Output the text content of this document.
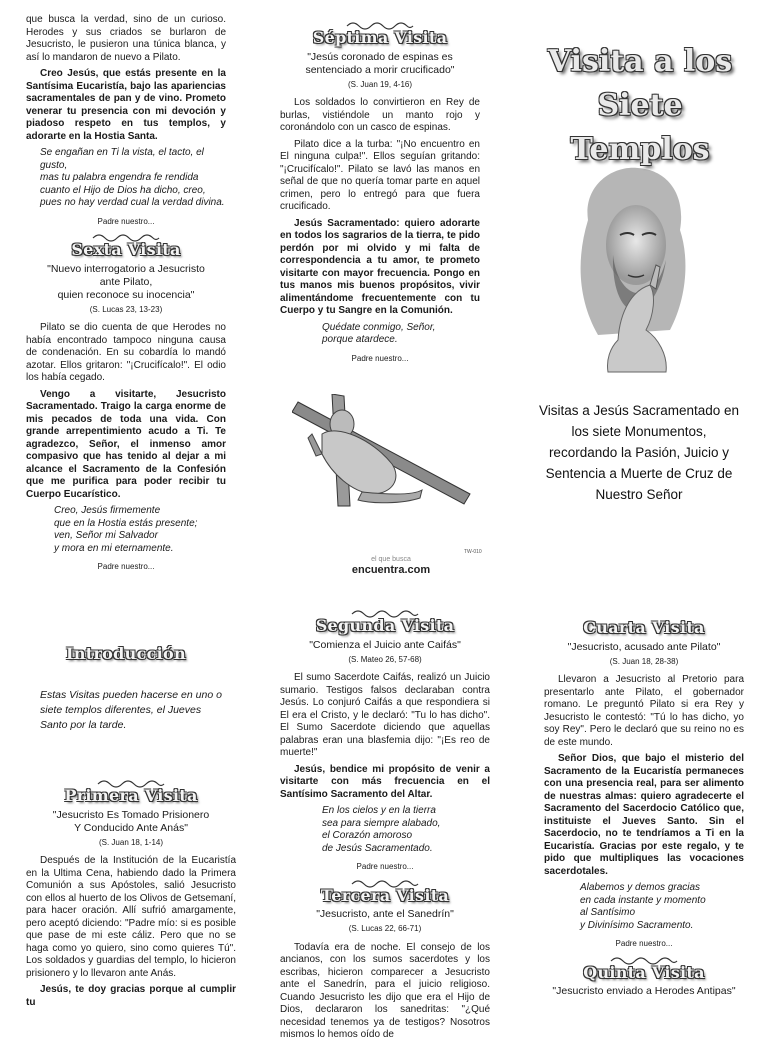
Visita a los
Siete Templos
Visitas a Jesús Sacramentado en los siete Monumentos, recordando la Pasión, Juicio y Sentencia a Muerte de Cruz de Nuestro Señor

que busca la verdad, sino de un curioso. Herodes y sus criados se burlaron de Jesucristo, le pusieron una túnica blanca, y así lo mandaron de nuevo a Pilato.

Creo Jesús, que estás presente en la Santísima Eucaristía, bajo las apariencias sacramentales de pan y de vino. Prometo venerar tu presencia con mi devoción y piadoso respeto en tus templos, y adorarte en la Hostia Santa.

Se engañan en Ti la vista, el tacto, el gusto,
mas tu palabra engendra fe rendida
cuanto el Hijo de Dios ha dicho, creo,
pues no hay verdad cual la verdad divina.
Padre nuestro...
Sexta Visita
"Nuevo interrogatorio a Jesucristo
ante Pilato,
quien reconoce su inocencia"
(S. Lucas 23, 13-23)

Pilato se dio cuenta de que Herodes no había encontrado tampoco ninguna causa de condenación. En su cobardía lo mandó azotar. Ellos gritaron: "¡Crucifícalo!". El odio los había cegado.

Vengo a visitarte, Jesucristo Sacramentado. Traigo la carga enorme de mis pecados de toda una vida. Con grande arrepentimiento acudo a Ti. Te agradezco, Señor, el inmenso amor compasivo que has tenido al dejar a mi alcance el Sacramento de la Confesión que me purifica para poder recibir tu Cuerpo Eucarístico.

Creo, Jesús firmemente
que en la Hostia estás presente;
ven, Señor mi Salvador
y mora en mi eternamente.
Padre nuestro...
Séptima Visita
"Jesús coronado de espinas es
sentenciado a morir crucificado"
(S. Juan 19, 4-16)

Los soldados lo convirtieron en Rey de burlas, vistiéndole un manto rojo y coronándolo con un casco de espinas.

Pilato dice a la turba: "¡No encuentro en El ninguna culpa!". Ellos seguían gritando: "¡Crucifícalo!". Pilato se lavó las manos en señal de que no quería tomar parte en aquel crimen, pero lo entregó para que fuera crucificado.

Jesús Sacramentado: quiero adorarte en todos los sagrarios de la tierra, te pido perdón por mi olvido y mi falta de correspondencia a tu amor, te prometo visitarte con mayor frecuencia. Pongo en tus manos mis buenos propósitos, vivir alimentándome frecuentemente con tu Cuerpo y tu Sangre en la Comunión.

Quédate conmigo, Señor,
porque atardece.
Padre nuestro...
el que busca
encuentra.com
TW-010
Introducción
Estas Visitas pueden hacerse en uno o siete templos diferentes, el Jueves Santo por la tarde.
Primera Visita
"Jesucristo Es Tomado Prisionero
Y Conducido Ante Anás"
(S. Juan 18, 1-14)

Después de la Institución de la Eucaristía en la Ultima Cena, habiendo dado la Primera Comunión a sus Apóstoles, salió Jesucristo con ellos al huerto de los Olivos de Getsemaní, para hacer oración. Allí sufrió amargamente, pero aceptó diciendo: "Padre mío: si es posible que pase de mi este cáliz. Pero que no se haga como yo quiero, sino como quieres Tú". Los soldados y guardias del templo, lo hicieron prisionero y lo llevaron ante Anás.

Jesús, te doy gracias porque al cumplir tu

Segunda Visita
"Comienza el Juicio ante Caifás"
(S. Mateo 26, 57-68)

El sumo Sacerdote Caifás, realizó un Juicio sumario. Testigos falsos declaraban contra Jesús. Lo conjuró Caifás a que respondiera si El era el Cristo, y le declaró: "Tu lo has dicho". El Sumo Sacerdote diciendo que aquellas palabras eran una blasfemia dijo: "¡Es reo de muerte!"

Jesús, bendice mi propósito de venir a visitarte con más frecuencia en el Santísimo Sacramento del Altar.

En los cielos y en la tierra
sea para siempre alabado,
el Corazón amoroso
de Jesús Sacramentado.
Padre nuestro...
Tercera Visita
"Jesucristo, ante el Sanedrín"
(S. Lucas 22, 66-71)

Todavía era de noche. El consejo de los ancianos, con los sumos sacerdotes y los escribas, hicieron comparecer a Jesucristo ante el Sanedrín, para el juicio religioso. Cuando Jesucristo les dijo que era el Hijo de Dios, declararon los sanedritas: "¿Qué necesidad tenemos ya de testigos? Nosotros mismos lo hemos oído de

Cuarta Visita
"Jesucristo, acusado ante Pilato"
(S. Juan 18, 28-38)

Llevaron a Jesucristo al Pretorio para presentarlo ante Pilato, el gobernador romano. Le preguntó Pilato si era Rey y Jesucristo le contestó: "Tú lo has dicho, yo soy Rey". Pero le declaró que su reino no es de este mundo.

Señor Dios, que bajo el misterio del Sacramento de la Eucaristía permaneces con una presencia real, para ser alimento de nuestras almas: quiero agradecerte el Sacramento del Sacerdocio Católico que, instituiste el Jueves Santo. Sin el Sacerdocio, no te tendríamos a Ti en la Eucaristía. Gracias por este regalo, y te pido que multipliques las vocaciones sacerdotales.

Alabemos y demos gracias
en cada instante y momento
al Santísimo
y Divinísimo Sacramento.
Padre nuestro...
Quinta Visita
"Jesucristo enviado a Herodes Antipas"
